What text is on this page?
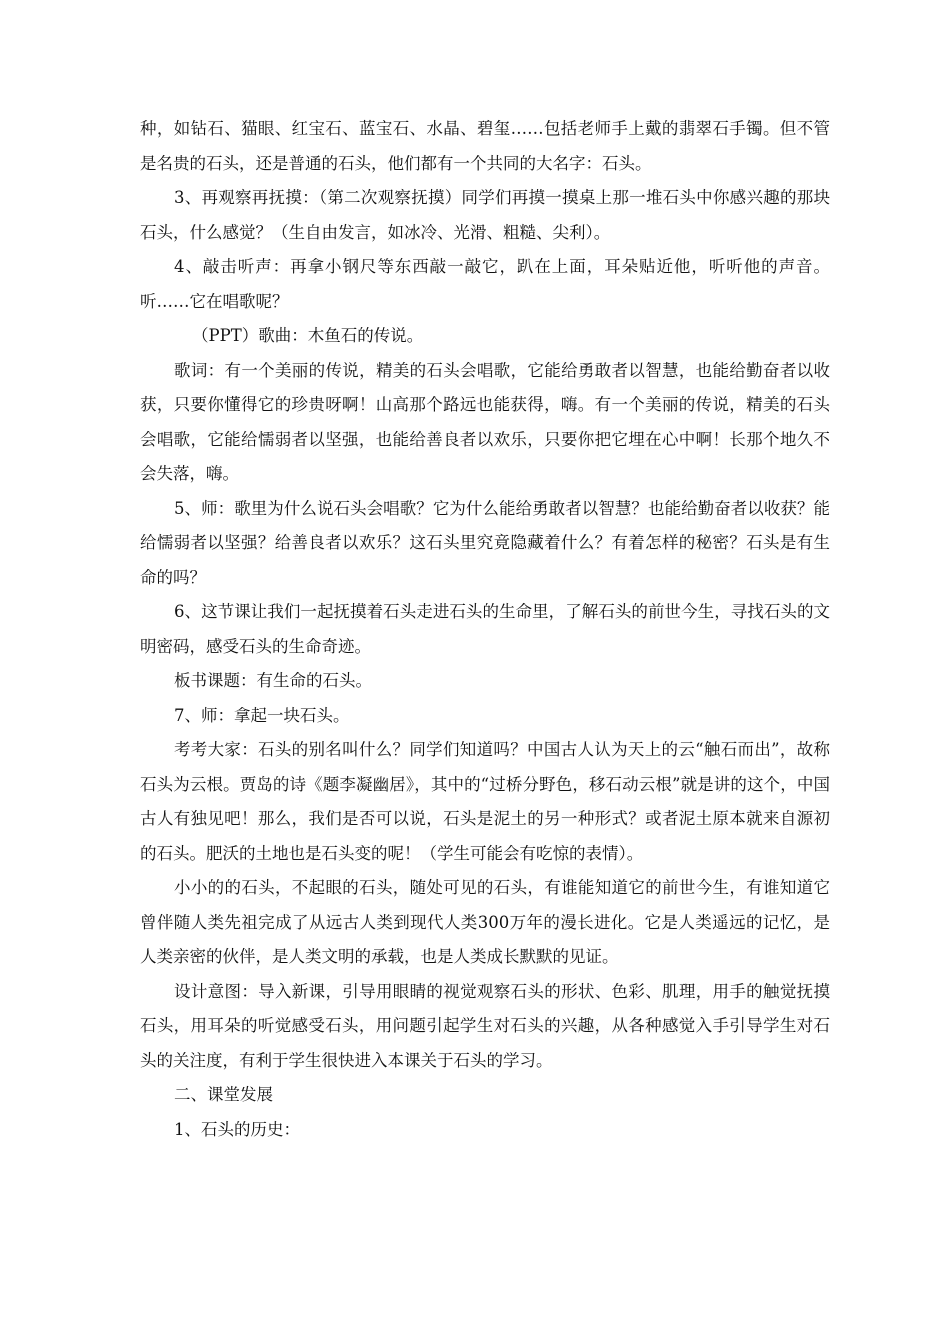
种，如钻石、猫眼、红宝石、蓝宝石、水晶、碧玺……包括老师手上戴的翡翠石手镯。但不管是名贵的石头，还是普通的石头，他们都有一个共同的大名字：石头。

3、再观察再抚摸：（第二次观察抚摸）同学们再摸一摸桌上那一堆石头中你感兴趣的那块石头，什么感觉？（生自由发言，如冰冷、光滑、粗糙、尖利）。

4、敲击听声：再拿小钢尺等东西敲一敲它，趴在上面，耳朵贴近他，听听他的声音。听……它在唱歌呢？

（PPT）歌曲：木鱼石的传说。

歌词：有一个美丽的传说，精美的石头会唱歌，它能给勇敢者以智慧，也能给勤奋者以收获，只要你懂得它的珍贵呀啊！山高那个路远也能获得，嗨。有一个美丽的传说，精美的石头会唱歌，它能给懦弱者以坚强，也能给善良者以欢乐，只要你把它埋在心中啊！长那个地久不会失落，嗨。

5、师：歌里为什么说石头会唱歌？它为什么能给勇敢者以智慧？也能给勤奋者以收获？能给懦弱者以坚强？给善良者以欢乐？这石头里究竟隐藏着什么？有着怎样的秘密？石头是有生命的吗？

6、这节课让我们一起抚摸着石头走进石头的生命里，了解石头的前世今生，寻找石头的文明密码，感受石头的生命奇迹。

板书课题：有生命的石头。

7、师：拿起一块石头。

考考大家：石头的别名叫什么？同学们知道吗？中国古人认为天上的云“触石而出”，故称石头为云根。贾岛的诗《题李凝幽居》，其中的“过桥分野色，移石动云根”就是讲的这个，中国古人有独见吧！那么，我们是否可以说，石头是泥土的另一种形式？或者泥土原本就来自源初的石头。肥沃的土地也是石头变的呢！（学生可能会有吃惊的表情）。

小小的的石头，不起眼的石头，随处可见的石头，有谁能知道它的前世今生，有谁知道它曾伴随人类先祖完成了从远古人类到现代人类300万年的漫长进化。它是人类遥远的记忆，是人类亲密的伙伴，是人类文明的承载，也是人类成长默默的见证。

设计意图：导入新课，引导用眼睛的视觉观察石头的形状、色彩、肌理，用手的触觉抚摸石头，用耳朵的听觉感受石头，用问题引起学生对石头的兴趣，从各种感觉入手引导学生对石头的关注度，有利于学生很快进入本课关于石头的学习。

二、课堂发展

1、石头的历史：
